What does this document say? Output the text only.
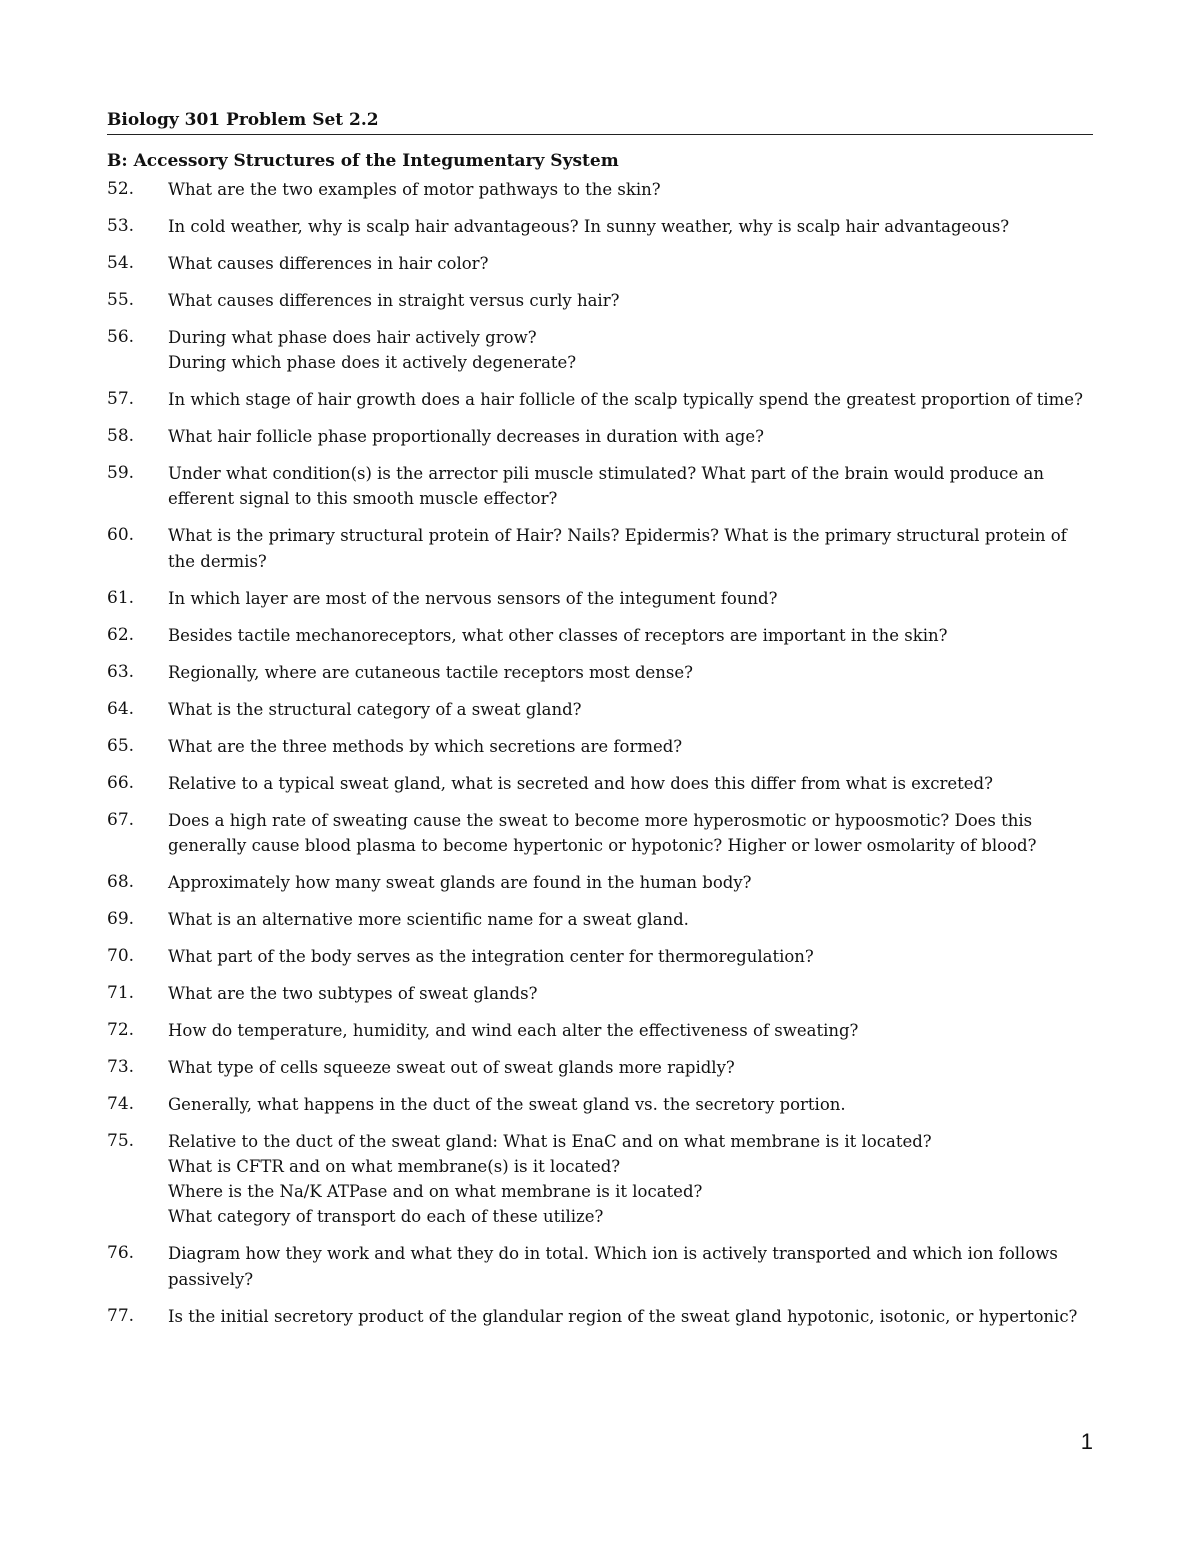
Biology 301 Problem Set 2.2
B: Accessory Structures of the Integumentary System
52.	What are the two examples of motor pathways to the skin?
53.	In cold weather, why is scalp hair advantageous? In sunny weather, why is scalp hair advantageous?
54.	What causes differences in hair color?
55.	What causes differences in straight versus curly hair?
56.	During what phase does hair actively grow?
During which phase does it actively degenerate?
57.	In which stage of hair growth does a hair follicle of the scalp typically spend the greatest proportion of time?
58.	What hair follicle phase proportionally decreases in duration with age?
59.	Under what condition(s) is the arrector pili muscle stimulated? What part of the brain would produce an efferent signal to this smooth muscle effector?
60.	What is the primary structural protein of Hair? Nails? Epidermis? What is the primary structural protein of the dermis?
61.	In which layer are most of the nervous sensors of the integument found?
62.	Besides tactile mechanoreceptors, what other classes of receptors are important in the skin?
63.	Regionally, where are cutaneous tactile receptors most dense?
64.	What is the structural category of a sweat gland?
65.	What are the three methods by which secretions are formed?
66.	Relative to a typical sweat gland, what is secreted and how does this differ from what is excreted?
67.	Does a high rate of sweating cause the sweat to become more hyperosmotic or hypoosmotic? Does this generally cause blood plasma to become hypertonic or hypotonic? Higher or lower osmolarity of blood?
68.	Approximately how many sweat glands are found in the human body?
69.	What is an alternative more scientific name for a sweat gland.
70.	What part of the body serves as the integration center for thermoregulation?
71.	What are the two subtypes of sweat glands?
72.	How do temperature, humidity, and wind each alter the effectiveness of sweating?
73.	What type of cells squeeze sweat out of sweat glands more rapidly?
74.	Generally, what happens in the duct of the sweat gland vs. the secretory portion.
75.	Relative to the duct of the sweat gland: What is EnaC and on what membrane is it located?
What is CFTR and on what membrane(s) is it located?
Where is the Na/K ATPase and on what membrane is it located?
What category of transport do each of these utilize?
76.	Diagram how they work and what they do in total. Which ion is actively transported and which ion follows passively?
77.	Is the initial secretory product of the glandular region of the sweat gland hypotonic, isotonic, or hypertonic?
1
